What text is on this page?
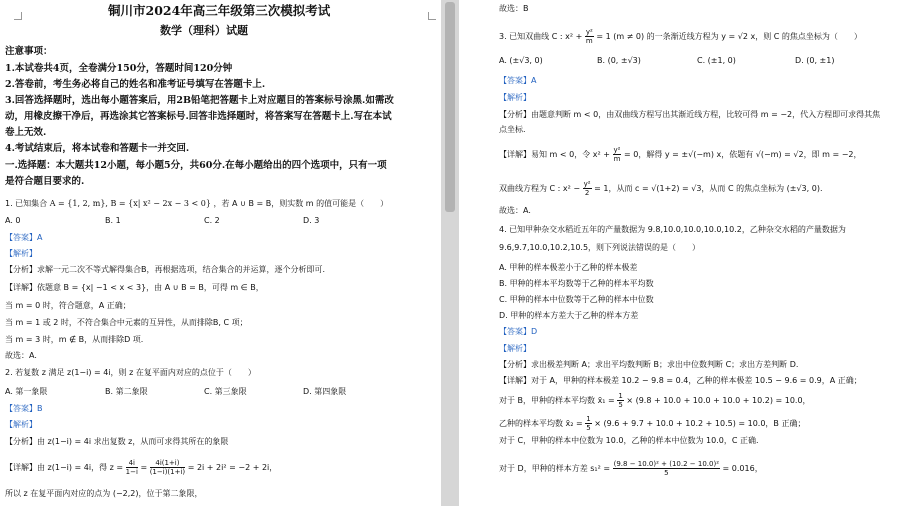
铜川市2024年高三年级第三次模拟考试
数学（理科）试题
注意事项：
1.本试卷共4页，全卷满分150分，答题时间120分钟
2.答卷前，考生务必将自己的姓名和准考证号填写在答题卡上.
3.回答选择题时，选出每小题答案后，用2B铅笔把答题卡上对应题目的答案标号涂黑.如需改
动，用橡皮擦干净后，再选涂其它答案标号.回答非选择题时，将答案写在答题卡上.写在本试
卷上无效.
4.考试结束后，将本试卷和答题卡一并交回.
一.选择题：本大题共12小题，每小题5分，共60分.在每小题给出的四个选项中，只有一项
是符合题目要求的.
1. 已知集合 A = {1, 2, m}, B = {x| x² − 2x − 3 < 0} ，若 A ∪ B = B，则实数 m 的值可能是（　　）
A. 0	B. 1	C. 2	D. 3
【答案】A
【解析】
【分析】求解一元二次不等式解得集合B，再根据选项，结合集合的并运算，逐个分析即可.
【详解】依题意 B = {x| −1 < x < 3}，由 A ∪ B = B，可得 m ∈ B，
当 m = 0 时，符合题意，A 正确；
当 m = 1 或 2 时，不符合集合中元素的互异性，从而排除B, C 项；
当 m = 3 时，m ∉ B，从而排除D 项.
故选：A.
2. 若复数 z 满足 z(1−i) = 4i，则 z 在复平面内对应的点位于（　　）
A. 第一象限	B. 第二象限	C. 第三象限	D. 第四象限
【答案】B
【解析】
【分析】由 z(1−i) = 4i 求出复数 z，从而可求得其所在的象限
【详解】由 z(1−i) = 4i，得 $z = \frac{4i}{1-i} = \frac{4i(1+i)}{(1-i)(1+i)} = 2i + 2i^2 = -2 + 2i$，
所以 z 在复平面内对应的点为 (−2,2)，位于第二象限，
故选：B
3. 已知双曲线 C : $x^2 + \frac{\text{y²}}{m} = 1$ (m ≠ 0) 的一条渐近线方程为 y = √2 x，则 C 的焦点坐标为（　　）
A. (±√3, 0)	B. (0, ±√3)	C. (±1, 0)	D. (0, ±1)
【答案】A
【解析】
【分析】由题意判断 m < 0，由双曲线方程写出其渐近线方程，比较可得 m = −2，代入方程即可求得其焦
点坐标.
【详解】易知 m < 0，令 $x^2 + \frac{\text{y²}}{m} = 0$，解得 y = ±√(−m) x，依题有 √(−m) = √2，即 m = −2，
双曲线方程为 C : $x^2 - \frac{\text{y²}}{2} = 1$，从而 c = √(1+2) = √3，从而 C 的焦点坐标为 (±√3, 0).
故选：A.
4. 已知甲种杂交水稻近五年的产量数据为 9.8,10.0,10.0,10.0,10.2，乙种杂交水稻的产量数据为
9.6,9.7,10.0,10.2,10.5，则下列说法错误的是（　　）
A. 甲种的样本极差小于乙种的样本极差
B. 甲种的样本平均数等于乙种的样本平均数
C. 甲种的样本中位数等于乙种的样本中位数
D. 甲种的样本方差大于乙种的样本方差
【答案】D
【解析】
【分析】求出极差判断 A；求出平均数判断 B；求出中位数判断 C；求出方差判断 D.
【详解】对于 A，甲种的样本极差 10.2 − 9.8 = 0.4，乙种的样本极差 10.5 − 9.6 = 0.9，A 正确；
对于 B，甲种的样本平均数 x̄₁ = $\frac{1}{5} \times (9.8 + 10.0 + 10.0 + 10.0 + 10.2) = 10.0$，
乙种的样本平均数 x̄₂ = $\frac{1}{5} \times (9.6 + 9.7 + 10.0 + 10.2 + 10.5) = 10.0$，B 正确；
对于 C，甲种的样本中位数为 10.0，乙种的样本中位数为 10.0，C 正确.
对于 D，甲种的样本方差 $s_1^2 = \frac{\text{(9.8 − 10.0)² + (10.2 − 10.0)²}}{5} = 0.016$，
